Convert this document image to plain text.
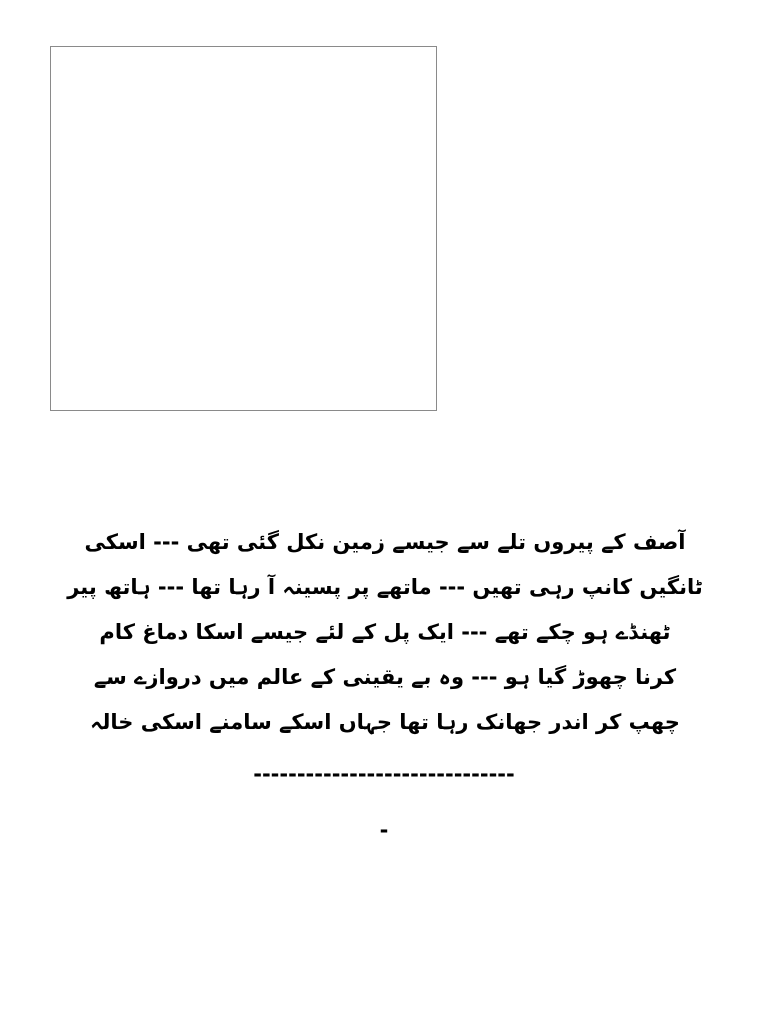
آصف کے پیروں تلے سے جیسے زمین نکل گئی تھی --- اسکی
ٹانگیں کانپ رہی تھیں --- ماتھے پر پسینہ آ رہا تھا --- ہاتھ پیر
ٹھنڈے ہو چکے تھے --- ایک پل کے لئے جیسے اسکا دماغ کام
کرنا چھوڑ گیا ہو --- وہ بے یقینی کے عالم میں دروازے سے
چھپ کر اندر جھانک رہا تھا جہاں اسکے سامنے اسکی خالہ
------------------------------
-
